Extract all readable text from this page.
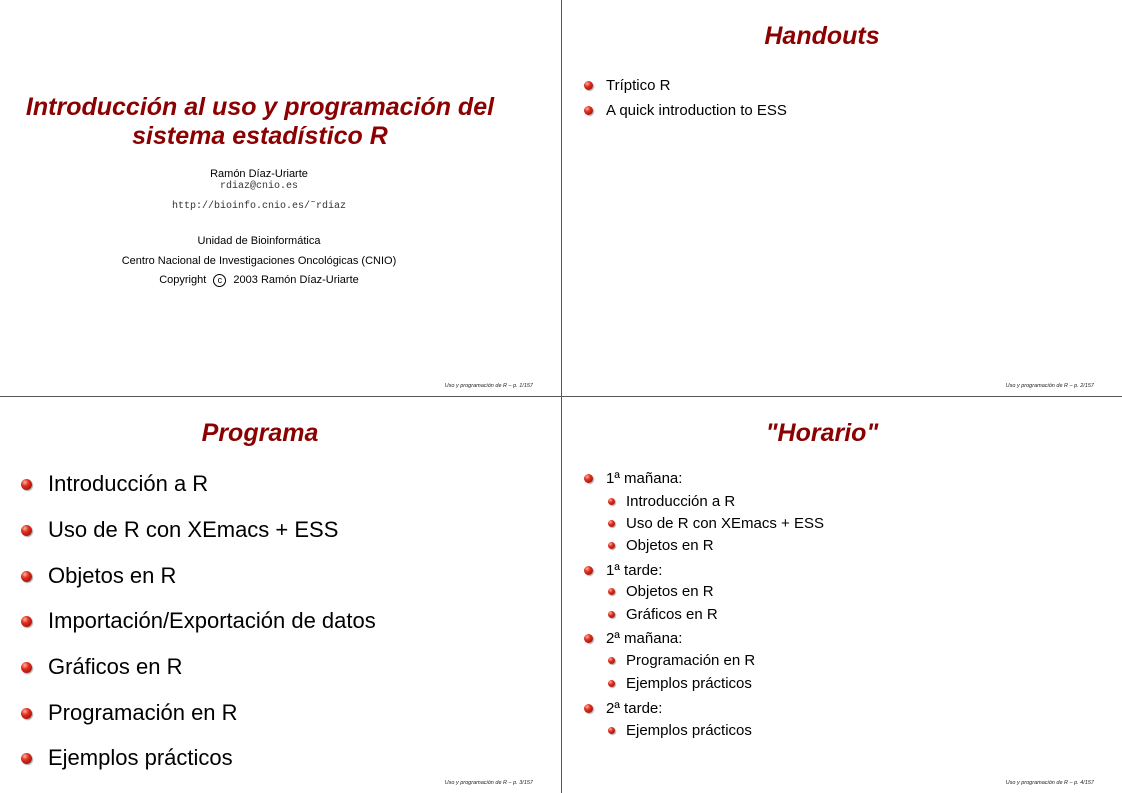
Introducción al uso y programación del
sistema estadístico R
Ramón Díaz-Uriarte
rdiaz@cnio.es
http://bioinfo.cnio.es/˜rdiaz
Unidad de Bioinformática
Centro Nacional de Investigaciones Oncológicas (CNIO)
Copyright c 2003 Ramón Díaz-Uriarte
Uso y programación de R – p. 1/157
Handouts
Tríptico R
A quick introduction to ESS
Uso y programación de R – p. 2/157
Programa
Introducción a R
Uso de R con XEmacs + ESS
Objetos en R
Importación/Exportación de datos
Gráficos en R
Programación en R
Ejemplos prácticos
Uso y programación de R – p. 3/157
"Horario"
1ª mañana:
Introducción a R
Uso de R con XEmacs + ESS
Objetos en R
1ª tarde:
Objetos en R
Gráficos en R
2ª mañana:
Programación en R
Ejemplos prácticos
2ª tarde:
Ejemplos prácticos
Uso y programación de R – p. 4/157
